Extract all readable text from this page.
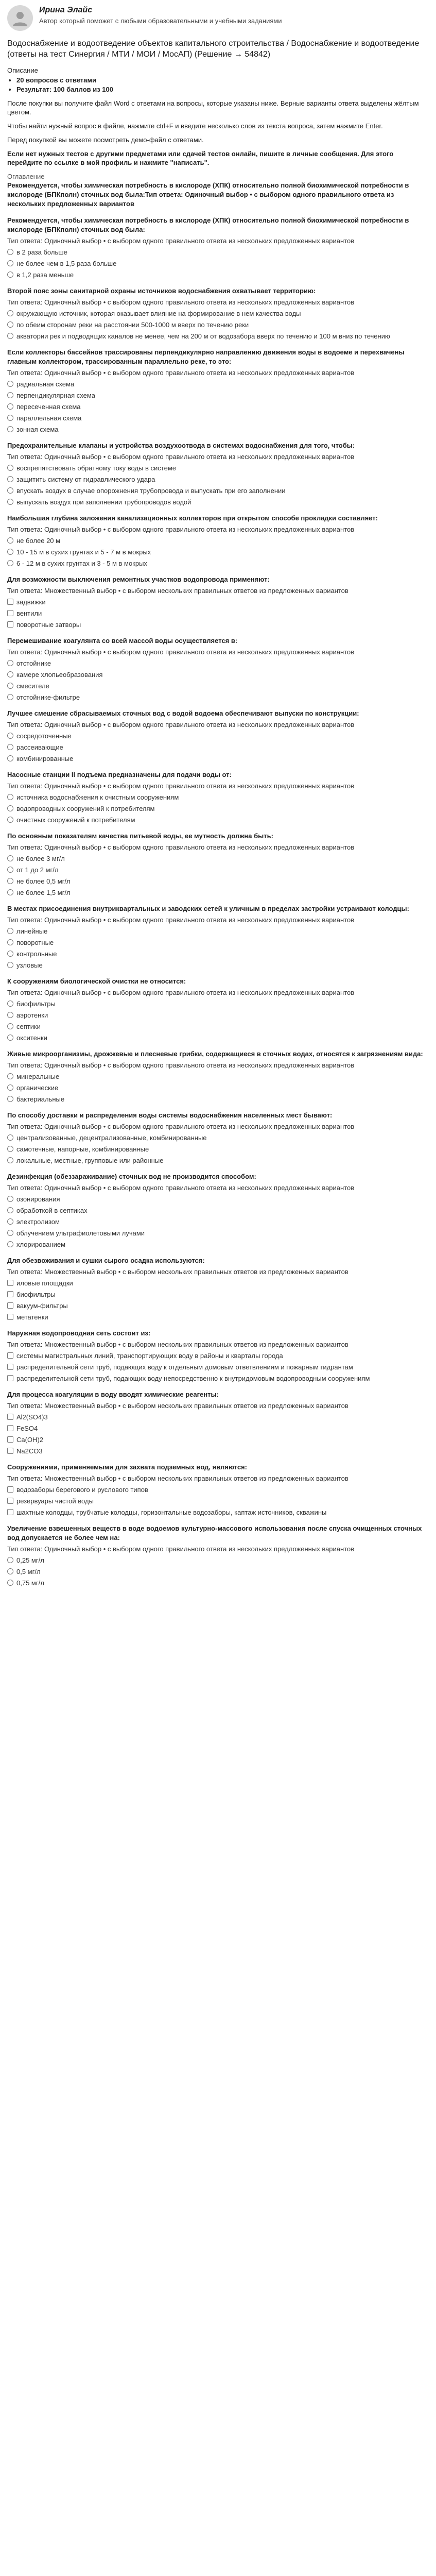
Ирина Элайс
Автор который поможет с любыми образовательными и учебными заданиями
Водоснабжение и водоотведение объектов капитального строительства / Водоснабжение и водоотведение (ответы на тест Синергия / МТИ / МОИ / МосАП) (Решение → 54842)
Описание
• 20 вопросов с ответами
• Результат: 100 баллов из 100

После покупки вы получите файл Word с ответами на вопросы, которые указаны ниже. Верные варианты ответа выделены жёлтым цветом.

Чтобы найти нужный вопрос в файле, нажмите ctrl+F и введите несколько слов из текста вопроса, затем нажмите Enter.

Перед покупкой вы можете посмотреть демо-файл с ответами.

Если нет нужных тестов с другими предметами или сдачей тестов онлайн, пишите в личные сообщения. Для этого перейдите по ссылке в мой профиль и нажмите "написать".

Оглавление
Рекомендуется, чтобы химическая потребность в кислороде (ХПК) относительно полной биохимической потребности в кислороде (БПКполн) сточных вод была:Тип ответа: Одиночный выбор • с выбором одного правильного ответа из нескольких предложенных вариантов
Рекомендуется, чтобы химическая потребность в кислороде (ХПК) относительно полной биохимической потребности в кислороде (БПКполн) сточных вод была:
Тип ответа: Одиночный выбор • с выбором одного правильного ответа из нескольких предложенных вариантов
в 2 раза больше
не более чем в 1,5 раза больше
в 1,2 раза меньше
Второй пояс зоны санитарной охраны источников водоснабжения охватывает территорию:
Тип ответа: Одиночный выбор • с выбором одного правильного ответа из нескольких предложенных вариантов
окружающую источник, которая оказывает влияние на формирование в нем качества воды
по обеим сторонам реки на расстоянии 500-1000 м вверх по течению реки
акватории рек и подводящих каналов не менее, чем на 200 м от водозабора вверх по течению и 100 м вниз по течению
Если коллекторы бассейнов трассированы перпендикулярно направлению движения воды в водоеме и перехвачены главным коллектором, трассированным параллельно реке, то это:
Тип ответа: Одиночный выбор • с выбором одного правильного ответа из нескольких предложенных вариантов
радиальная схема
перпендикулярная схема
пересеченная схема
параллельная схема
зонная схема
Предохранительные клапаны и устройства воздухоотвода в системах водоснабжения для того, чтобы:
Тип ответа: Одиночный выбор • с выбором одного правильного ответа из нескольких предложенных вариантов
воспрепятствовать обратному току воды в системе
защитить систему от гидравлического удара
впускать воздух в случае опорожнения трубопровода и выпускать при его заполнении
выпускать воздух при заполнении трубопроводов водой
Наибольшая глубина заложения канализационных коллекторов при открытом способе прокладки составляет:
Тип ответа: Одиночный выбор • с выбором одного правильного ответа из нескольких предложенных вариантов
не более 20 м
10 - 15 м в сухих грунтах и 5 - 7 м в мокрых
6 - 12 м в сухих грунтах и 3 - 5 м в мокрых
Для возможности выключения ремонтных участков водопровода применяют:
Тип ответа: Множественный выбор • с выбором нескольких правильных ответов из предложенных вариантов
задвижки
вентили
поворотные затворы
Перемешивание коагулянта со всей массой воды осуществляется в:
Тип ответа: Одиночный выбор • с выбором одного правильного ответа из нескольких предложенных вариантов
отстойнике
камере хлопьеобразования
смесителе
отстойнике-фильтре
Лучшее смешение сбрасываемых сточных вод с водой водоема обеспечивают выпуски по конструкции:
Тип ответа: Одиночный выбор • с выбором одного правильного ответа из нескольких предложенных вариантов
сосредоточенные
рассеивающие
комбинированные
Насосные станции II подъема предназначены для подачи воды от:
Тип ответа: Одиночный выбор • с выбором одного правильного ответа из нескольких предложенных вариантов
источника водоснабжения к очистным сооружениям
водопроводных сооружений к потребителям
очистных сооружений к потребителям
По основным показателям качества питьевой воды, ее мутность должна быть:
Тип ответа: Одиночный выбор • с выбором одного правильного ответа из нескольких предложенных вариантов
не более 3 мг/л
от 1 до 2 мг/л
не более 0,5 мг/л
не более 1,5 мг/л
В местах присоединения внутриквартальных и заводских сетей к уличным в пределах застройки устраивают колодцы:
Тип ответа: Одиночный выбор • с выбором одного правильного ответа из нескольких предложенных вариантов
линейные
поворотные
контрольные
узловые
К сооружениям биологической очистки не относится:
Тип ответа: Одиночный выбор • с выбором одного правильного ответа из нескольких предложенных вариантов
биофильтры
аэротенки
септики
окситенки
Живые микроорганизмы, дрожжевые и плесневые грибки, содержащиеся в сточных водах, относятся к загрязнениям вида:
Тип ответа: Одиночный выбор • с выбором одного правильного ответа из нескольких предложенных вариантов
минеральные
органические
бактериальные
По способу доставки и распределения воды системы водоснабжения населенных мест бывают:
Тип ответа: Одиночный выбор • с выбором одного правильного ответа из нескольких предложенных вариантов
централизованные, децентрализованные, комбинированные
самотечные, напорные, комбинированные
локальные, местные, групповые или районные
Дезинфекция (обеззараживание) сточных вод не производится способом:
Тип ответа: Одиночный выбор • с выбором одного правильного ответа из нескольких предложенных вариантов
озонирования
обработкой в септиках
электролизом
облучением ультрафиолетовыми лучами
хлорированием
Для обезвоживания и сушки сырого осадка используются:
Тип ответа: Множественный выбор • с выбором нескольких правильных ответов из предложенных вариантов
иловые площадки
биофильтры
вакуум-фильтры
метатенки
Наружная водопроводная сеть состоит из:
Тип ответа: Множественный выбор • с выбором нескольких правильных ответов из предложенных вариантов
системы магистральных линий, транспортирующих воду в районы и кварталы города
распределительной сети труб, подающих воду к отдельным домовым ответвлениям и пожарным гидрантам
распределительной сети труб, подающих воду непосредственно к внутридомовым водопроводным сооружениям
Для процесса коагуляции в воду вводят химические реагенты:
Тип ответа: Множественный выбор • с выбором нескольких правильных ответов из предложенных вариантов
Al2(SO4)3
FeSO4
Ca(OH)2
Na2CO3
Сооружениями, применяемыми для захвата подземных вод, являются:
Тип ответа: Множественный выбор • с выбором нескольких правильных ответов из предложенных вариантов
водозаборы берегового и руслового типов
резервуары чистой воды
шахтные колодцы, трубчатые колодцы, горизонтальные водозаборы, каптаж источников, скважины
Увеличение взвешенных веществ в воде водоемов культурно-массового использования после спуска очищенных сточных вод допускается не более чем на:
Тип ответа: Одиночный выбор • с выбором одного правильного ответа из нескольких предложенных вариантов
0,25 мг/л
0,5 мг/л
0,75 мг/л
